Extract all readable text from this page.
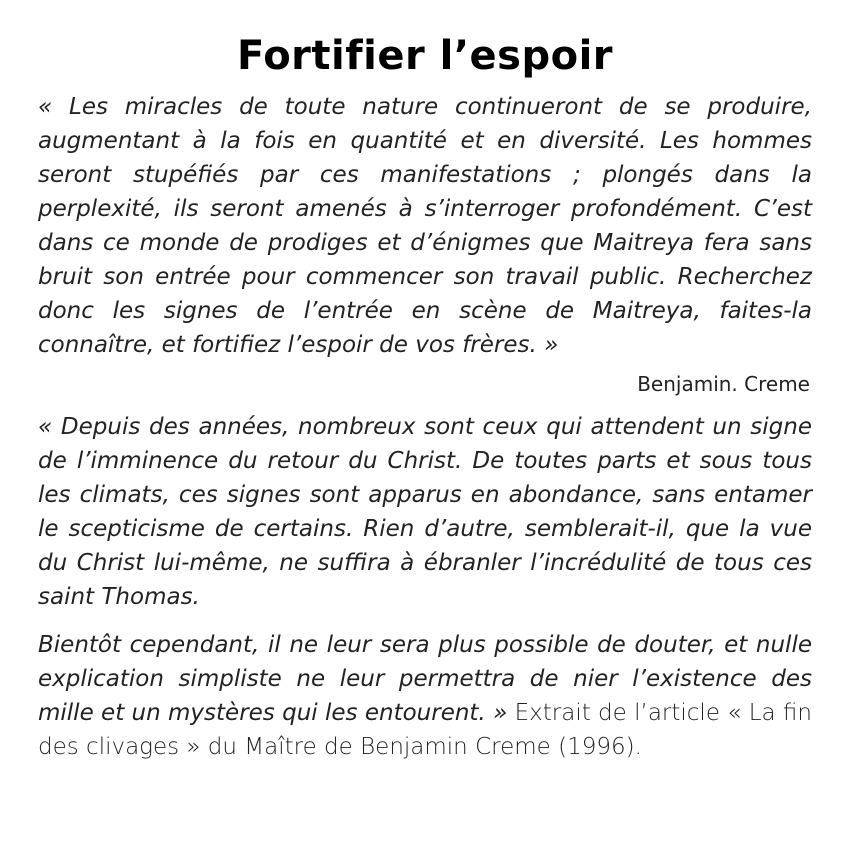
Fortifier l’espoir

« Les miracles de toute nature continueront de se produire, augmentant à la fois en quantité et en diversité. Les hommes seront stupéfiés par ces manifestations ; plongés dans la perplexité, ils seront amenés à s’interroger profondément. C’est dans ce monde de prodiges et d’énigmes que Maitreya fera sans bruit son entrée pour commencer son travail public. Recherchez donc les signes de l’entrée en scène de Maitreya, faites-la connaître, et fortifiez l’espoir de vos frères. »

Benjamin. Creme

« Depuis des années, nombreux sont ceux qui attendent un signe de l’imminence du retour du Christ. De toutes parts et sous tous les climats, ces signes sont apparus en abondance, sans entamer le scepticisme de certains. Rien d’autre, semblerait-il, que la vue du Christ lui-même, ne suffira à ébranler l’incrédulité de tous ces saint Thomas.

Bientôt cependant, il ne leur sera plus possible de douter, et nulle explication simpliste ne leur permettra de nier l’existence des mille et un mystères qui les entourent. » Extrait de l’article « La fin des clivages » du Maître de Benjamin Creme (1996).
